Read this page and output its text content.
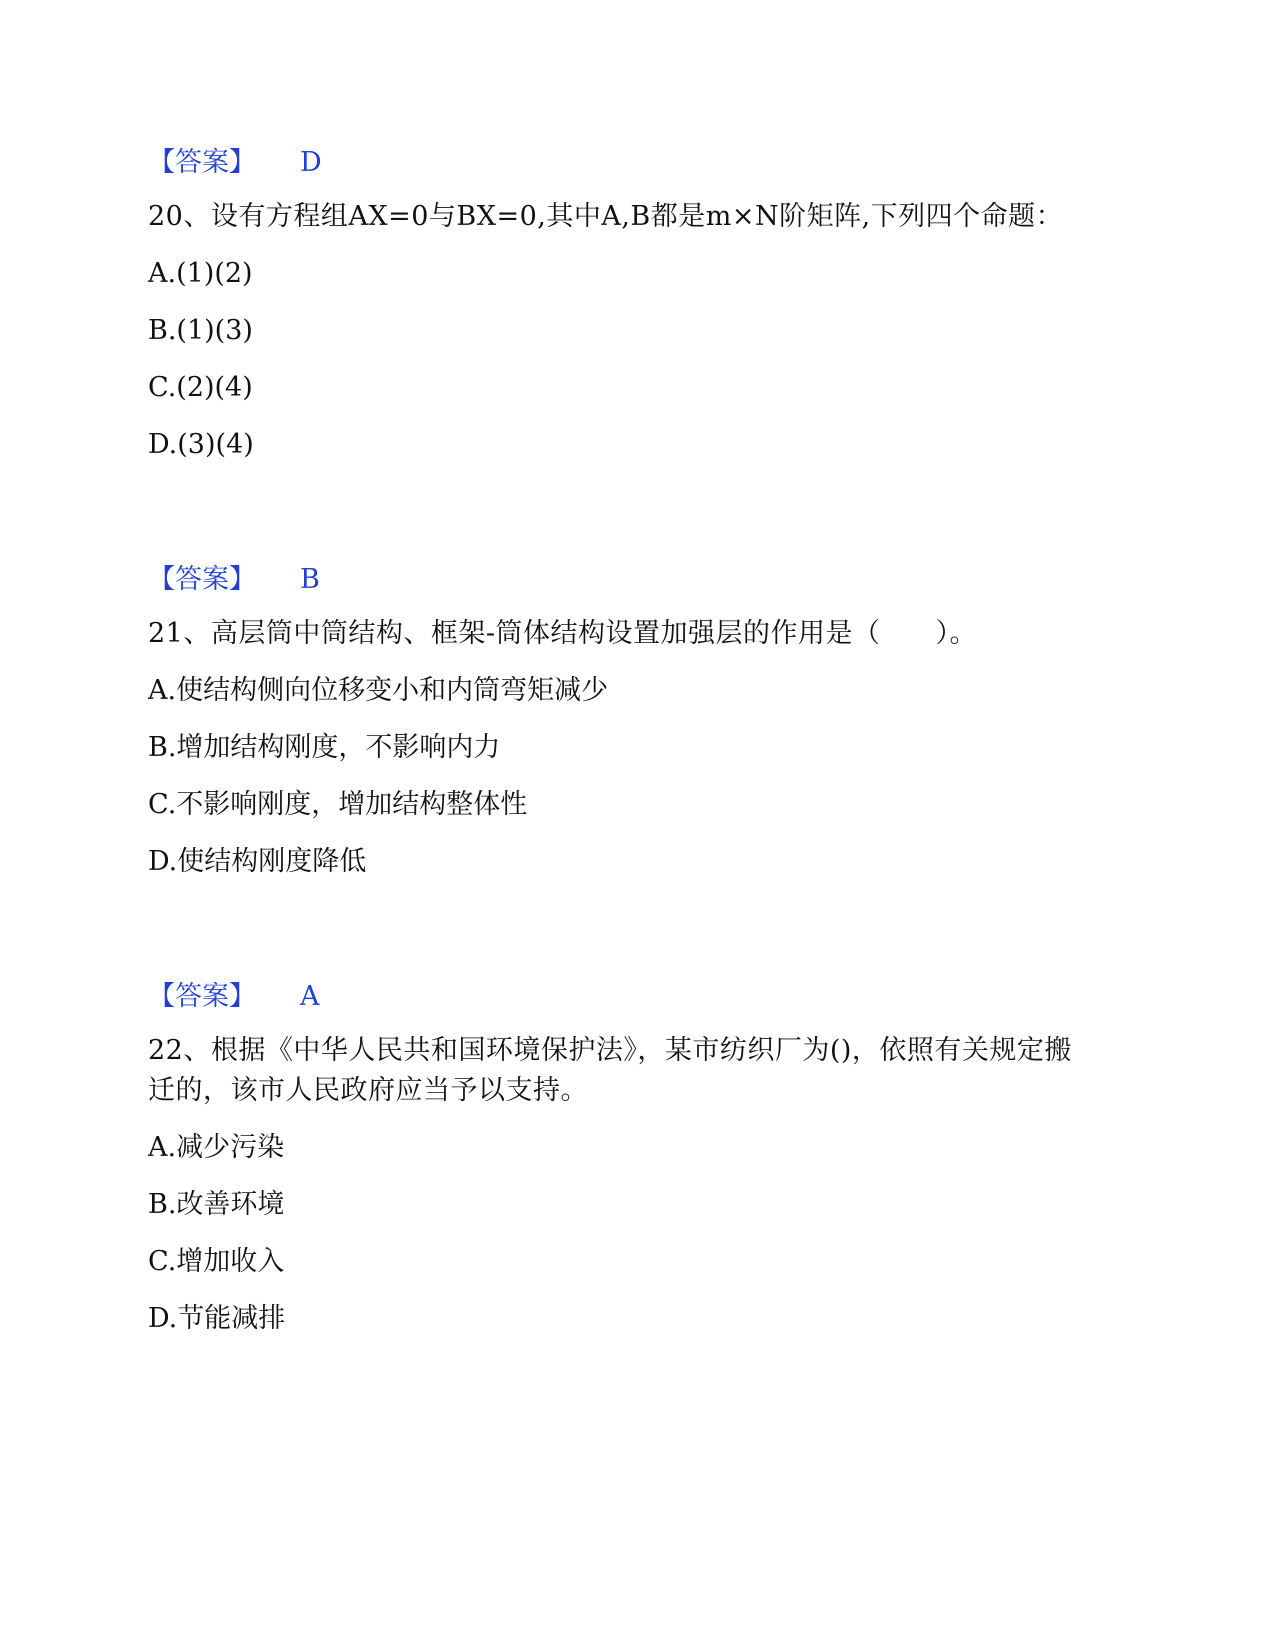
【答案】 D
20、设有方程组AX=0与BX=0,其中A,B都是m×N阶矩阵,下列四个命题：
A.(1)(2)
B.(1)(3)
C.(2)(4)
D.(3)(4)
【答案】 B
21、高层筒中筒结构、框架-筒体结构设置加强层的作用是（　　）。
A.使结构侧向位移变小和内筒弯矩减少
B.增加结构刚度，不影响内力
C.不影响刚度，增加结构整体性
D.使结构刚度降低
【答案】 A
22、根据《中华人民共和国环境保护法》，某市纺织厂为()，依照有关规定搬迁的，该市人民政府应当予以支持。
A.减少污染
B.改善环境
C.增加收入
D.节能减排
